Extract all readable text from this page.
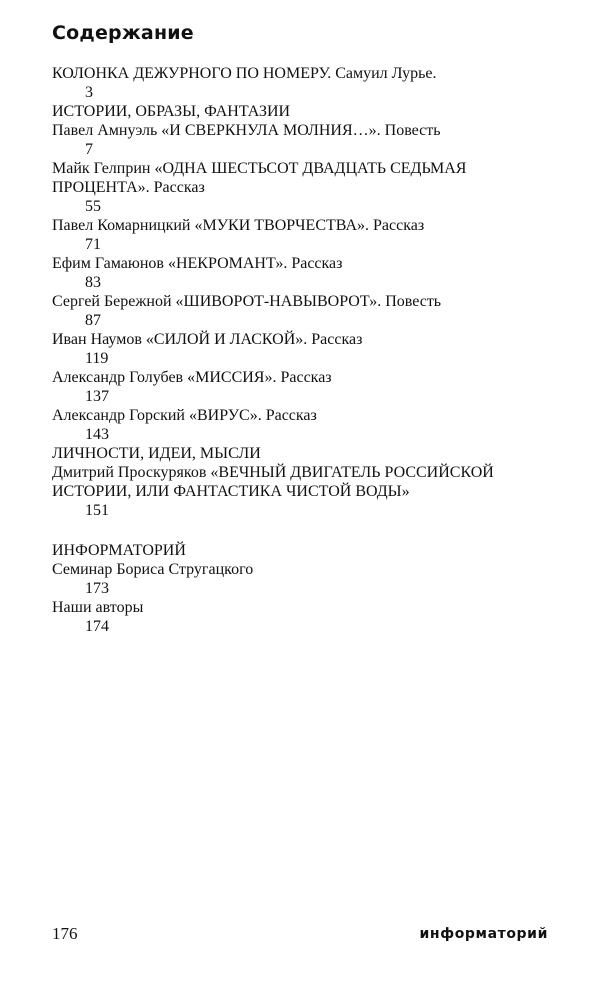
Содержание
КОЛОНКА ДЕЖУРНОГО ПО НОМЕРУ. Самуил Лурье.
3
ИСТОРИИ, ОБРАЗЫ, ФАНТАЗИИ
Павел Амнуэль «И СВЕРКНУЛА МОЛНИЯ…». Повесть
7
Майк Гелприн «ОДНА ШЕСТЬСОТ ДВАДЦАТЬ СЕДЬМАЯ
ПРОЦЕНТА». Рассказ
55
Павел Комарницкий «МУКИ ТВОРЧЕСТВА». Рассказ
71
Ефим Гамаюнов «НЕКРОМАНТ». Рассказ
83
Сергей Бережной «ШИВОРОТ-НАВЫВОРОТ». Повесть
87
Иван Наумов «СИЛОЙ И ЛАСКОЙ». Рассказ
119
Александр Голубев «МИССИЯ». Рассказ
137
Александр Горский «ВИРУС». Рассказ
143
ЛИЧНОСТИ, ИДЕИ, МЫСЛИ
Дмитрий Проскуряков «ВЕЧНЫЙ ДВИГАТЕЛЬ РОССИЙСКОЙ
ИСТОРИИ, ИЛИ ФАНТАСТИКА ЧИСТОЙ ВОДЫ»
151
ИНФОРМАТОРИЙ
Семинар Бориса Стругацкого
173
Наши авторы
174
176	информаторий
